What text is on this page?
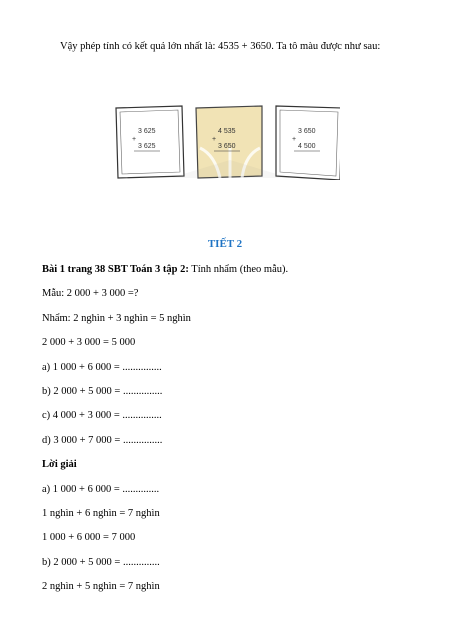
Vậy phép tính có kết quả lớn nhất là: 4535 + 3650. Ta tô màu được như sau:
3 625
+
3 625
4 535
+
3 650
3 650
+
4 500
TIẾT 2
Bài 1 trang 38 SBT Toán 3 tập 2: Tính nhẩm (theo mẫu).
Mẫu: 2 000 + 3 000 =?
Nhẩm: 2 nghìn + 3 nghìn = 5 nghìn
2 000 + 3 000 = 5 000
a) 1 000 + 6 000 = ...............
b) 2 000 + 5 000 = ...............
c) 4 000 + 3 000 = ...............
d) 3 000 + 7 000 = ...............
Lời giải
a) 1 000 + 6 000 = ..............
1 nghìn + 6 nghìn = 7 nghìn
1 000 + 6 000 = 7 000
b) 2 000 + 5 000 = ..............
2 nghìn + 5 nghìn = 7 nghìn
